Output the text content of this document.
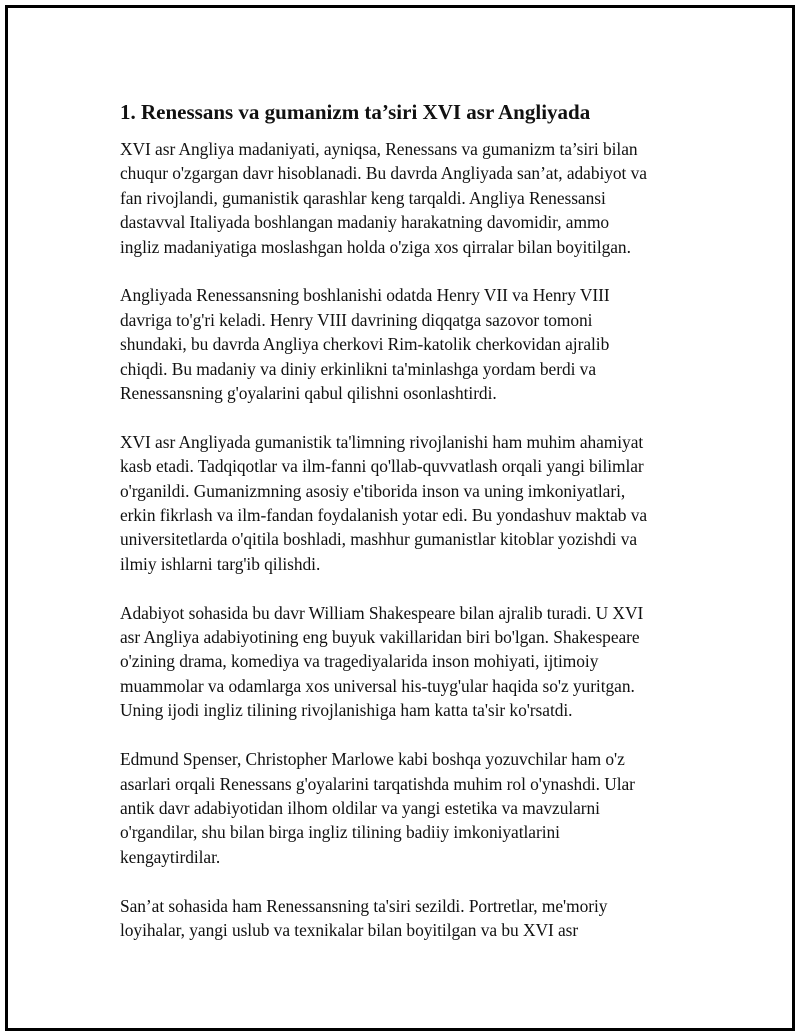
1. Renessans va gumanizm ta’siri XVI asr Angliyada

XVI asr Angliya madaniyati, ayniqsa, Renessans va gumanizm ta’siri bilan
chuqur o'zgargan davr hisoblanadi. Bu davrda Angliyada san’at, adabiyot va
fan rivojlandi, gumanistik qarashlar keng tarqaldi. Angliya Renessansi
dastavval Italiyada boshlangan madaniy harakatning davomidir, ammo
ingliz madaniyatiga moslashgan holda o'ziga xos qirralar bilan boyitilgan.

Angliyada Renessansning boshlanishi odatda Henry VII va Henry VIII
davriga to'g'ri keladi. Henry VIII davrining diqqatga sazovor tomoni
shundaki, bu davrda Angliya cherkovi Rim-katolik cherkovidan ajralib
chiqdi. Bu madaniy va diniy erkinlikni ta'minlashga yordam berdi va
Renessansning g'oyalarini qabul qilishni osonlashtirdi.

XVI asr Angliyada gumanistik ta'limning rivojlanishi ham muhim ahamiyat
kasb etadi. Tadqiqotlar va ilm-fanni qo'llab-quvvatlash orqali yangi bilimlar
o'rganildi. Gumanizmning asosiy e'tiborida inson va uning imkoniyatlari,
erkin fikrlash va ilm-fandan foydalanish yotar edi. Bu yondashuv maktab va
universitetlarda o'qitila boshladi, mashhur gumanistlar kitoblar yozishdi va
ilmiy ishlarni targ'ib qilishdi.

Adabiyot sohasida bu davr William Shakespeare bilan ajralib turadi. U XVI
asr Angliya adabiyotining eng buyuk vakillaridan biri bo'lgan. Shakespeare
o'zining drama, komediya va tragediyalarida inson mohiyati, ijtimoiy
muammolar va odamlarga xos universal his-tuyg'ular haqida so'z yuritgan.
Uning ijodi ingliz tilining rivojlanishiga ham katta ta'sir ko'rsatdi.

Edmund Spenser, Christopher Marlowe kabi boshqa yozuvchilar ham o'z
asarlari orqali Renessans g'oyalarini tarqatishda muhim rol o'ynashdi. Ular
antik davr adabiyotidan ilhom oldilar va yangi estetika va mavzularni
o'rgandilar, shu bilan birga ingliz tilining badiiy imkoniyatlarini
kengaytirdilar.

San’at sohasida ham Renessansning ta'siri sezildi. Portretlar, me'moriy
loyihalar, yangi uslub va texnikalar bilan boyitilgan va bu XVI asr
